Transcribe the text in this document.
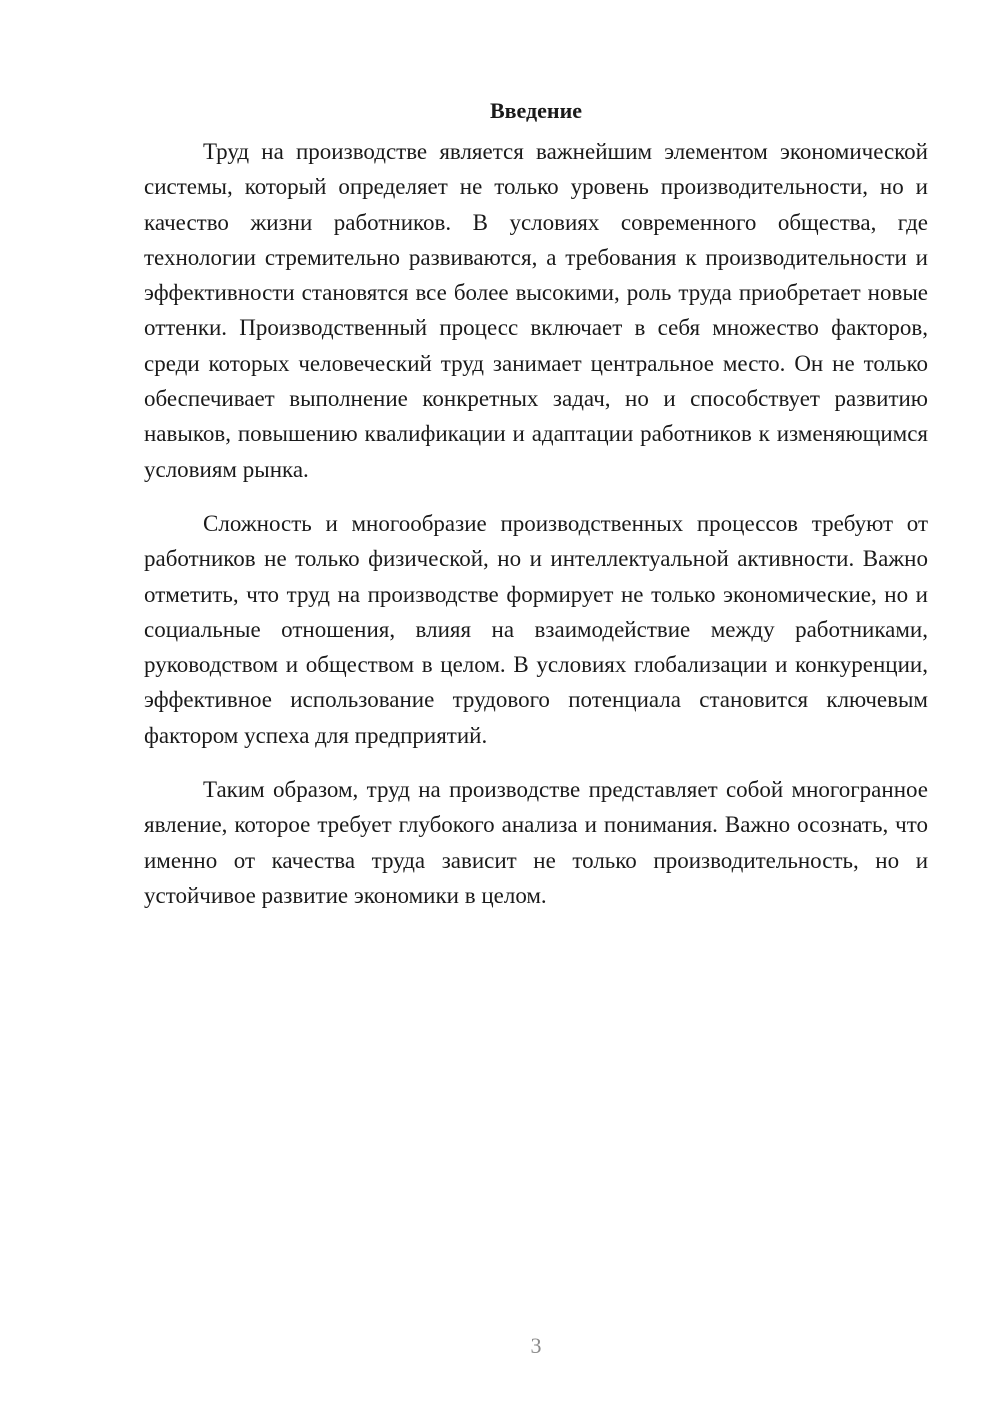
Введение

Труд на производстве является важнейшим элементом экономической системы, который определяет не только уровень производительности, но и качество жизни работников. В условиях современного общества, где технологии стремительно развиваются, а требования к производительности и эффективности становятся все более высокими, роль труда приобретает новые оттенки. Производственный процесс включает в себя множество факторов, среди которых человеческий труд занимает центральное место. Он не только обеспечивает выполнение конкретных задач, но и способствует развитию навыков, повышению квалификации и адаптации работников к изменяющимся условиям рынка.

Сложность и многообразие производственных процессов требуют от работников не только физической, но и интеллектуальной активности. Важно отметить, что труд на производстве формирует не только экономические, но и социальные отношения, влияя на взаимодействие между работниками, руководством и обществом в целом. В условиях глобализации и конкуренции, эффективное использование трудового потенциала становится ключевым фактором успеха для предприятий.

Таким образом, труд на производстве представляет собой многогранное явление, которое требует глубокого анализа и понимания. Важно осознать, что именно от качества труда зависит не только производительность, но и устойчивое развитие экономики в целом.

3
